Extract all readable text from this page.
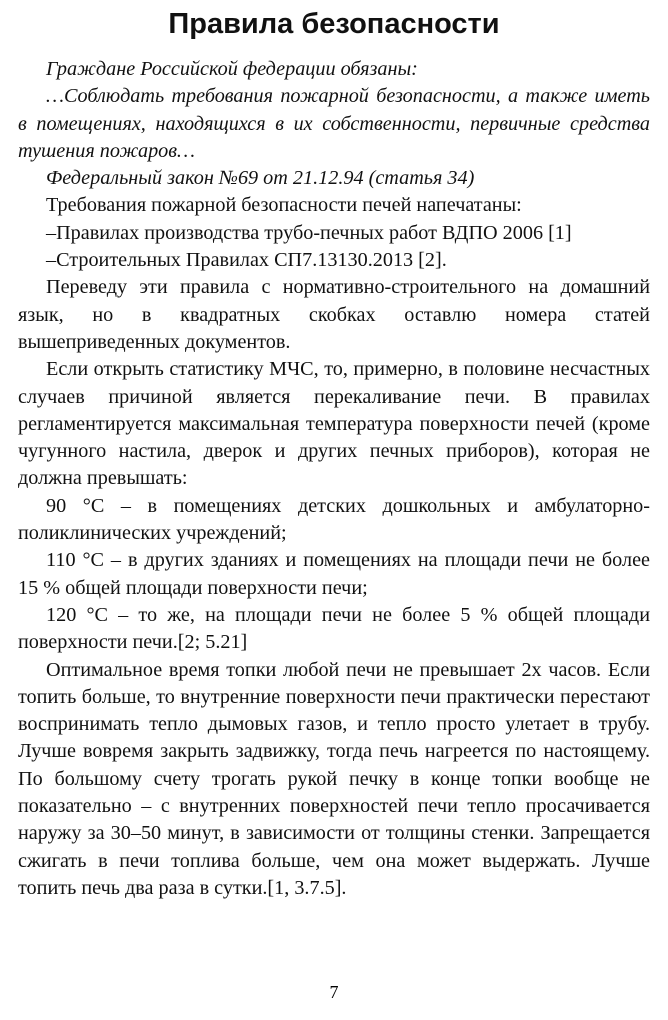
Правила безопасности

Граждане Российской федерации обязаны:

…Соблюдать требования пожарной безопасности, а также иметь в помещениях, находящихся в их собственности, первичные средства тушения пожаров…

Федеральный закон №69 от 21.12.94 (статья 34)

Требования пожарной безопасности печей напечатаны:

–Правилах производства трубо-печных работ ВДПО 2006 [1]

–Строительных Правилах СП7.13130.2013 [2].

Переведу эти правила с нормативно-строительного на домашний язык, но в квадратных скобках оставлю номера статей вышеприведенных документов.

Если открыть статистику МЧС, то, примерно, в половине несчастных случаев причиной является перекаливание печи. В правилах регламентируется максимальная температура поверхности печей (кроме чугунного настила, дверок и других печных приборов), которая не должна превышать:

90 °С – в помещениях детских дошкольных и амбулаторно-поликлинических учреждений;

110 °С – в других зданиях и помещениях на площади печи не более 15 % общей площади поверхности печи;

120 °С – то же, на площади печи не более 5 % общей площади поверхности печи.[2; 5.21]

Оптимальное время топки любой печи не превышает 2х часов. Если топить больше, то внутренние поверхности печи практически перестают воспринимать тепло дымовых газов, и тепло просто улетает в трубу. Лучше вовремя закрыть задвижку, тогда печь нагреется по настоящему. По большому счету трогать рукой печку в конце топки вообще не показательно – с внутренних поверхностей печи тепло просачивается наружу за 30–50 минут, в зависимости от толщины стенки. Запрещается сжигать в печи топлива больше, чем она может выдержать. Лучше топить печь два раза в сутки.[1, 3.7.5].

7
